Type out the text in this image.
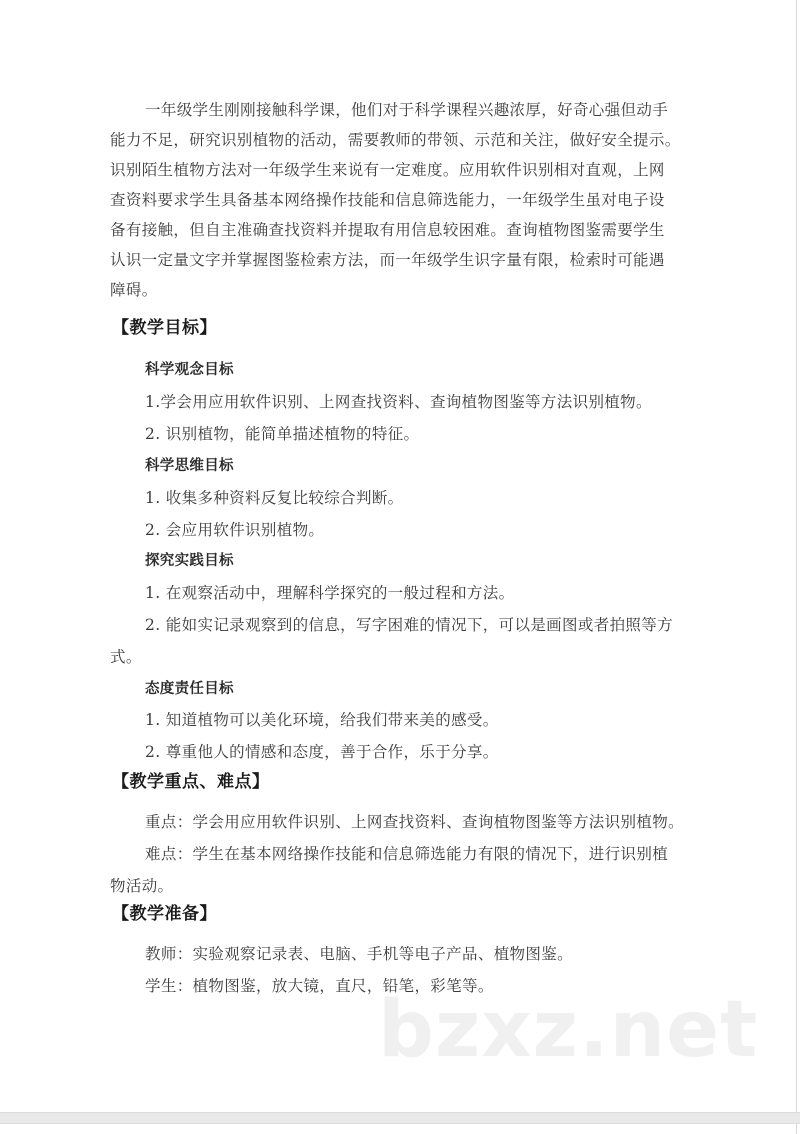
一年级学生刚刚接触科学课，他们对于科学课程兴趣浓厚，好奇心强但动手
能力不足，研究识别植物的活动，需要教师的带领、示范和关注，做好安全提示。
识别陌生植物方法对一年级学生来说有一定难度。应用软件识别相对直观，上网
查资料要求学生具备基本网络操作技能和信息筛选能力，一年级学生虽对电子设
备有接触，但自主准确查找资料并提取有用信息较困难。查询植物图鉴需要学生
认识一定量文字并掌握图鉴检索方法，而一年级学生识字量有限，检索时可能遇
障碍。
【教学目标】
科学观念目标
1.学会用应用软件识别、上网查找资料、查询植物图鉴等方法识别植物。
2. 识别植物，能简单描述植物的特征。
科学思维目标
1. 收集多种资料反复比较综合判断。
2. 会应用软件识别植物。
探究实践目标
1. 在观察活动中，理解科学探究的一般过程和方法。
2. 能如实记录观察到的信息，写字困难的情况下，可以是画图或者拍照等方
式。
态度责任目标
1. 知道植物可以美化环境，给我们带来美的感受。
2. 尊重他人的情感和态度，善于合作，乐于分享。
【教学重点、难点】
重点：学会用应用软件识别、上网查找资料、查询植物图鉴等方法识别植物。
难点：学生在基本网络操作技能和信息筛选能力有限的情况下，进行识别植
物活动。
【教学准备】
教师：实验观察记录表、电脑、手机等电子产品、植物图鉴。
学生：植物图鉴，放大镜，直尺，铅笔，彩笔等。
bzxz.net
